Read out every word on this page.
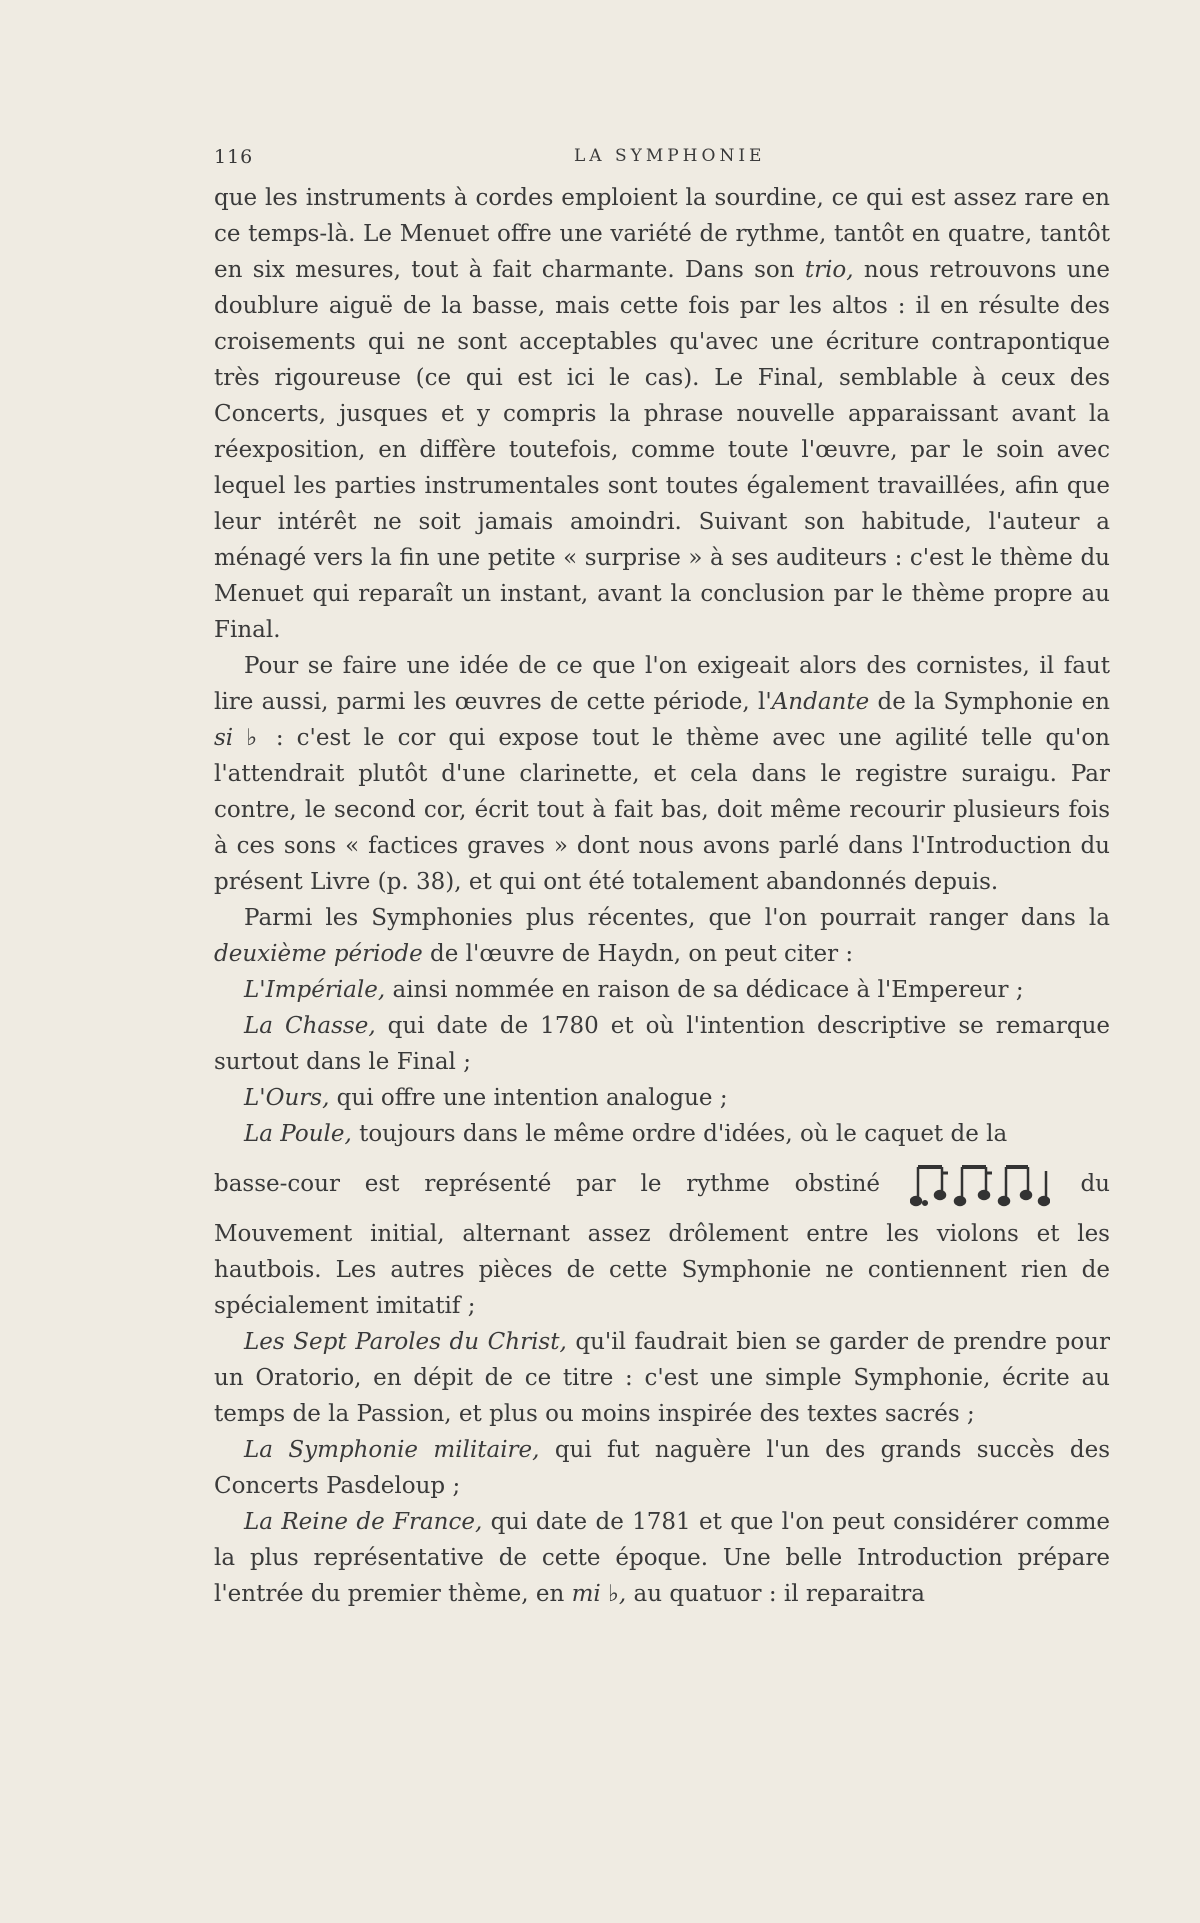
116	LA SYMPHONIE

que les instruments à cordes emploient la sourdine, ce qui est assez rare en ce temps-là. Le Menuet offre une variété de rythme, tantôt en quatre, tantôt en six mesures, tout à fait charmante. Dans son trio, nous retrouvons une doublure aiguë de la basse, mais cette fois par les altos : il en résulte des croisements qui ne sont acceptables qu'avec une écriture contrapontique très rigoureuse (ce qui est ici le cas). Le Final, semblable à ceux des Concerts, jusques et y compris la phrase nouvelle apparaissant avant la réexposition, en diffère toutefois, comme toute l'œuvre, par le soin avec lequel les parties instrumentales sont toutes également travaillées, afin que leur intérêt ne soit jamais amoindri. Suivant son habitude, l'auteur a ménagé vers la fin une petite « surprise » à ses auditeurs : c'est le thème du Menuet qui reparaît un instant, avant la conclusion par le thème propre au Final.

Pour se faire une idée de ce que l'on exigeait alors des cornistes, il faut lire aussi, parmi les œuvres de cette période, l'Andante de la Symphonie en si ♭ : c'est le cor qui expose tout le thème avec une agilité telle qu'on l'attendrait plutôt d'une clarinette, et cela dans le registre suraigu. Par contre, le second cor, écrit tout à fait bas, doit même recourir plusieurs fois à ces sons « factices graves » dont nous avons parlé dans l'Introduction du présent Livre (p. 38), et qui ont été totalement abandonnés depuis.

Parmi les Symphonies plus récentes, que l'on pourrait ranger dans la deuxième période de l'œuvre de Haydn, on peut citer :

L'Impériale, ainsi nommée en raison de sa dédicace à l'Empereur ;

La Chasse, qui date de 1780 et où l'intention descriptive se remarque surtout dans le Final ;

L'Ours, qui offre une intention analogue ;

La Poule, toujours dans le même ordre d'idées, où le caquet de la

basse-cour est représenté par le rythme obstiné	du

Mouvement initial, alternant assez drôlement entre les violons et les hautbois. Les autres pièces de cette Symphonie ne contiennent rien de spécialement imitatif ;

Les Sept Paroles du Christ, qu'il faudrait bien se garder de prendre pour un Oratorio, en dépit de ce titre : c'est une simple Symphonie, écrite au temps de la Passion, et plus ou moins inspirée des textes sacrés ;

La Symphonie militaire, qui fut naguère l'un des grands succès des Concerts Pasdeloup ;

La Reine de France, qui date de 1781 et que l'on peut considérer comme la plus représentative de cette époque. Une belle Introduction prépare l'entrée du premier thème, en mi ♭, au quatuor : il reparaitra
